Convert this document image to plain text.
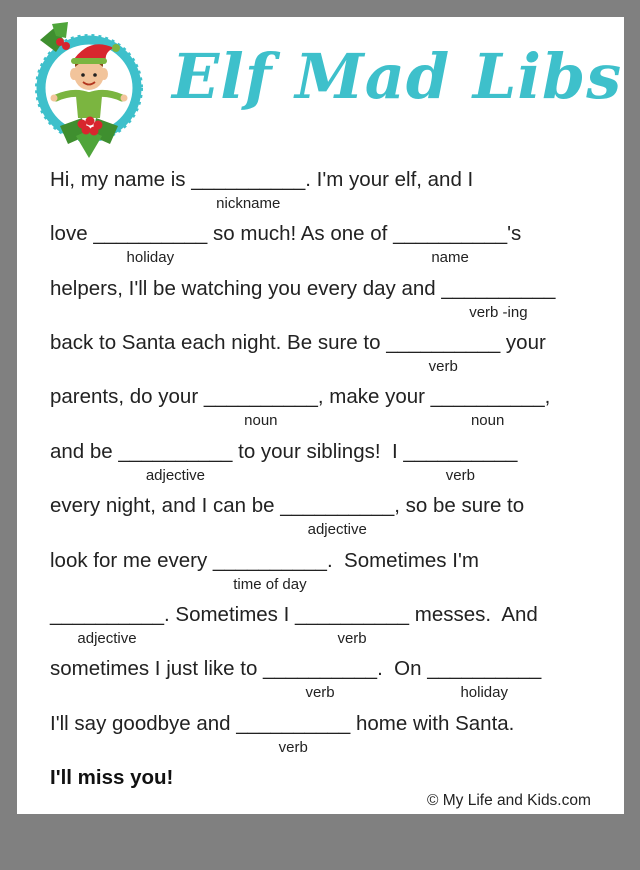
Elf Mad Libs
Hi, my name is __________
nickname
. I'm your elf, and I
love __________
holiday
so much! As one of __________
name
's
helpers, I'll be watching you every day and __________
verb -ing
back to Santa each night. Be sure to __________
verb
your
parents, do your __________
noun
, make your __________
noun
,
and be __________
adjective
to your siblings!  I __________
verb
every night, and I can be __________
adjective
, so be sure to
look for me every __________
time of day
.  Sometimes I'm
__________
adjective
. Sometimes I __________
verb
messes.  And
sometimes I just like to __________
verb
.  On __________
holiday
I'll say goodbye and __________
verb
home with Santa.
I'll miss you!
© My Life and Kids.com
